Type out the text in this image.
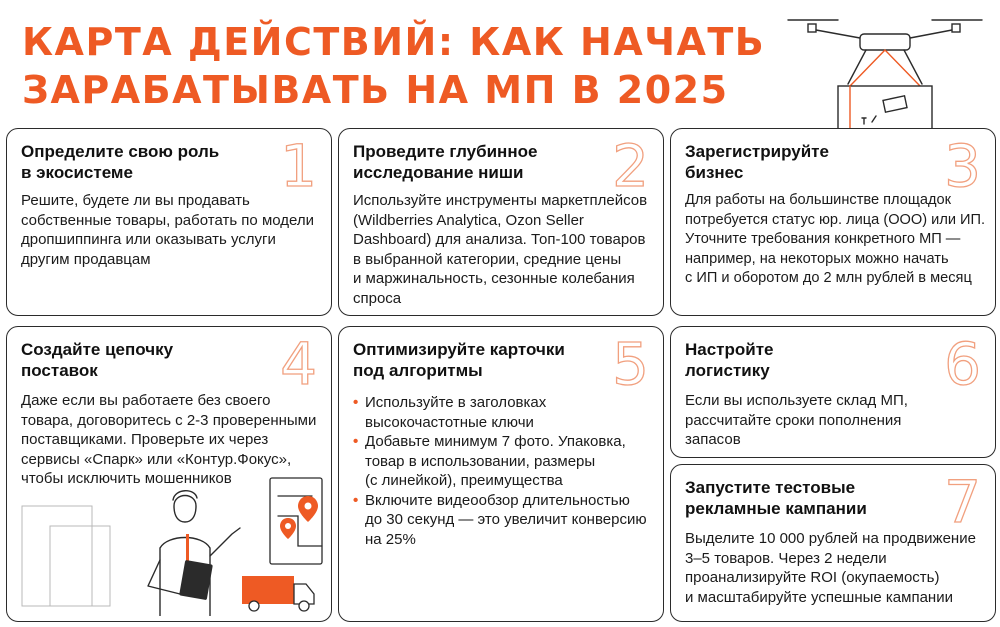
КАРТА ДЕЙСТВИЙ: КАК НАЧАТЬ
ЗАРАБАТЫВАТЬ НА МП В 2025
1
Определите свою роль
в экосистеме

Решите, будете ли вы продавать
собственные товары, работать по модели
дропшиппинга или оказывать услуги
другим продавцам

2
Проведите глубинное
исследование ниши

Используйте инструменты маркетплейсов
(Wildberries Analytica, Ozon Seller
Dashboard) для анализа. Топ-100 товаров
в выбранной категории, средние цены
и маржинальность, сезонные колебания
спроса

3
Зарегистрируйте
бизнес

Для работы на большинстве площадок
потребуется статус юр. лица (ООО) или ИП.
Уточните требования конкретного МП —
например, на некоторых можно начать
с ИП и оборотом до 2 млн рублей в месяц

4
Создайте цепочку
поставок

Даже если вы работаете без своего
товара, договоритесь с 2-3 проверенными
поставщиками. Проверьте их через
сервисы «Спарк» или «Контур.Фокус»,
чтобы исключить мошенников

5
Оптимизируйте карточки
под алгоритмы
• Используйте в заголовках
высокочастотные ключи
• Добавьте минимум 7 фото. Упаковка,
товар в использовании, размеры
(с линейкой), преимущества
• Включите видеообзор длительностью
до 30 секунд — это увеличит конверсию
на 25%
6
Настройте
логистику

Если вы используете склад МП,
рассчитайте сроки пополнения
запасов

7
Запустите тестовые
рекламные кампании

Выделите 10 000 рублей на продвижение
3–5 товаров. Через 2 недели
проанализируйте ROI (окупаемость)
и масштабируйте успешные кампании
